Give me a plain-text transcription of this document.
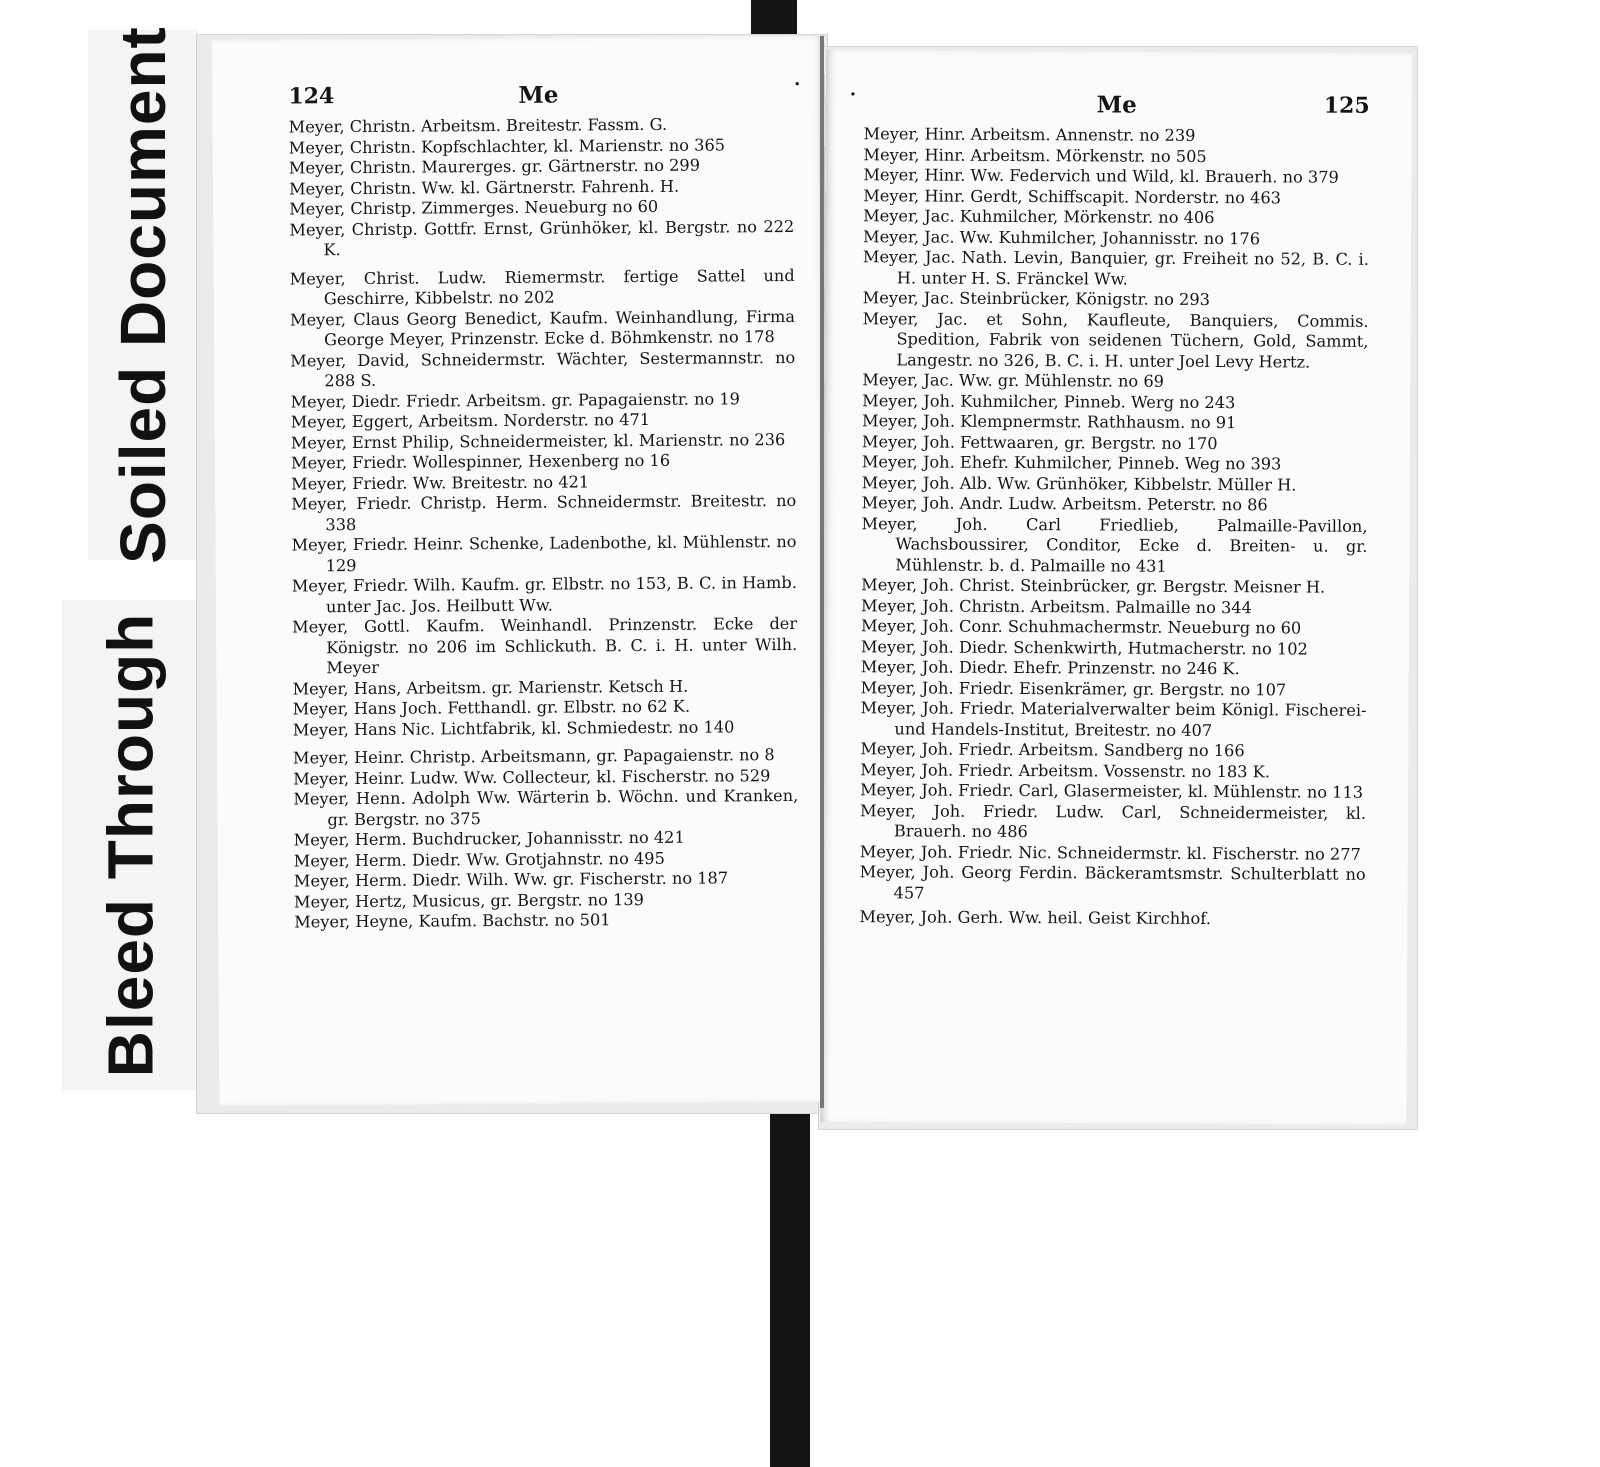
Soiled Document
Bleed Through
124	Me	·

Meyer, Christn. Arbeitsm. Breitestr. Fassm. G.

Meyer, Christn. Kopfschlachter, kl. Marienstr. no 365

Meyer, Christn. Maurerges. gr. Gärtnerstr. no 299

Meyer, Christn. Ww. kl. Gärtnerstr. Fahrenh. H.

Meyer, Christp. Zimmerges. Neueburg no 60

Meyer, Christp. Gottfr. Ernst, Grünhöker, kl. Bergstr. no 222 K.

Meyer, Christ. Ludw. Riemermstr. fertige Sattel und Geschirre, Kibbelstr. no 202

Meyer, Claus Georg Benedict, Kaufm. Weinhandlung, Firma George Meyer, Prinzenstr. Ecke d. Böhmkenstr. no 178

Meyer, David, Schneidermstr. Wächter, Sestermannstr. no 288 S.

Meyer, Diedr. Friedr. Arbeitsm. gr. Papagaienstr. no 19

Meyer, Eggert, Arbeitsm. Norderstr. no 471

Meyer, Ernst Philip, Schneidermeister, kl. Marienstr. no 236

Meyer, Friedr. Wollespinner, Hexenberg no 16

Meyer, Friedr. Ww. Breitestr. no 421

Meyer, Friedr. Christp. Herm. Schneidermstr. Breitestr. no 338

Meyer, Friedr. Heinr. Schenke, Ladenbothe, kl. Mühlenstr. no 129

Meyer, Friedr. Wilh. Kaufm. gr. Elbstr. no 153, B. C. in Hamb. unter Jac. Jos. Heilbutt Ww.

Meyer, Gottl. Kaufm. Weinhandl. Prinzenstr. Ecke der Königstr. no 206 im Schlickuth. B. C. i. H. unter Wilh. Meyer

Meyer, Hans, Arbeitsm. gr. Marienstr. Ketsch H.

Meyer, Hans Joch. Fetthandl. gr. Elbstr. no 62 K.

Meyer, Hans Nic. Lichtfabrik, kl. Schmiedestr. no 140

Meyer, Heinr. Christp. Arbeitsmann, gr. Papagaienstr. no 8

Meyer, Heinr. Ludw. Ww. Collecteur, kl. Fischerstr. no 529

Meyer, Henn. Adolph Ww. Wärterin b. Wöchn. und Kranken, gr. Bergstr. no 375

Meyer, Herm. Buchdrucker, Johannisstr. no 421

Meyer, Herm. Diedr. Ww. Grotjahnstr. no 495

Meyer, Herm. Diedr. Wilh. Ww. gr. Fischerstr. no 187

Meyer, Hertz, Musicus, gr. Bergstr. no 139

Meyer, Heyne, Kaufm. Bachstr. no 501

·	Me	125

Meyer, Hinr. Arbeitsm. Annenstr. no 239

Meyer, Hinr. Arbeitsm. Mörkenstr. no 505

Meyer, Hinr. Ww. Federvich und Wild, kl. Brauerh. no 379

Meyer, Hinr. Gerdt, Schiffscapit. Norderstr. no 463

Meyer, Jac. Kuhmilcher, Mörkenstr. no 406

Meyer, Jac. Ww. Kuhmilcher, Johannisstr. no 176

Meyer, Jac. Nath. Levin, Banquier, gr. Freiheit no 52, B. C. i. H. unter H. S. Fränckel Ww.

Meyer, Jac. Steinbrücker, Königstr. no 293

Meyer, Jac. et Sohn, Kaufleute, Banquiers, Commis. Spedition, Fabrik von seidenen Tüchern, Gold, Sammt, Langestr. no 326, B. C. i. H. unter Joel Levy Hertz.

Meyer, Jac. Ww. gr. Mühlenstr. no 69

Meyer, Joh. Kuhmilcher, Pinneb. Werg no 243

Meyer, Joh. Klempnermstr. Rathhausm. no 91

Meyer, Joh. Fettwaaren, gr. Bergstr. no 170

Meyer, Joh. Ehefr. Kuhmilcher, Pinneb. Weg no 393

Meyer, Joh. Alb. Ww. Grünhöker, Kibbelstr. Müller H.

Meyer, Joh. Andr. Ludw. Arbeitsm. Peterstr. no 86

Meyer, Joh. Carl Friedlieb, Palmaille-Pavillon, Wachsboussirer, Conditor, Ecke d. Breiten- u. gr. Mühlenstr. b. d. Palmaille no 431

Meyer, Joh. Christ. Steinbrücker, gr. Bergstr. Meisner H.

Meyer, Joh. Christn. Arbeitsm. Palmaille no 344

Meyer, Joh. Conr. Schuhmachermstr. Neueburg no 60

Meyer, Joh. Diedr. Schenkwirth, Hutmacherstr. no 102

Meyer, Joh. Diedr. Ehefr. Prinzenstr. no 246 K.

Meyer, Joh. Friedr. Eisenkrämer, gr. Bergstr. no 107

Meyer, Joh. Friedr. Materialverwalter beim Königl. Fischerei- und Handels-Institut, Breitestr. no 407

Meyer, Joh. Friedr. Arbeitsm. Sandberg no 166

Meyer, Joh. Friedr. Arbeitsm. Vossenstr. no 183 K.

Meyer, Joh. Friedr. Carl, Glasermeister, kl. Mühlenstr. no 113

Meyer, Joh. Friedr. Ludw. Carl, Schneidermeister, kl. Brauerh. no 486

Meyer, Joh. Friedr. Nic. Schneidermstr. kl. Fischerstr. no 277

Meyer, Joh. Georg Ferdin. Bäckeramtsmstr. Schulterblatt no 457

Meyer, Joh. Gerh. Ww. heil. Geist Kirchhof.
